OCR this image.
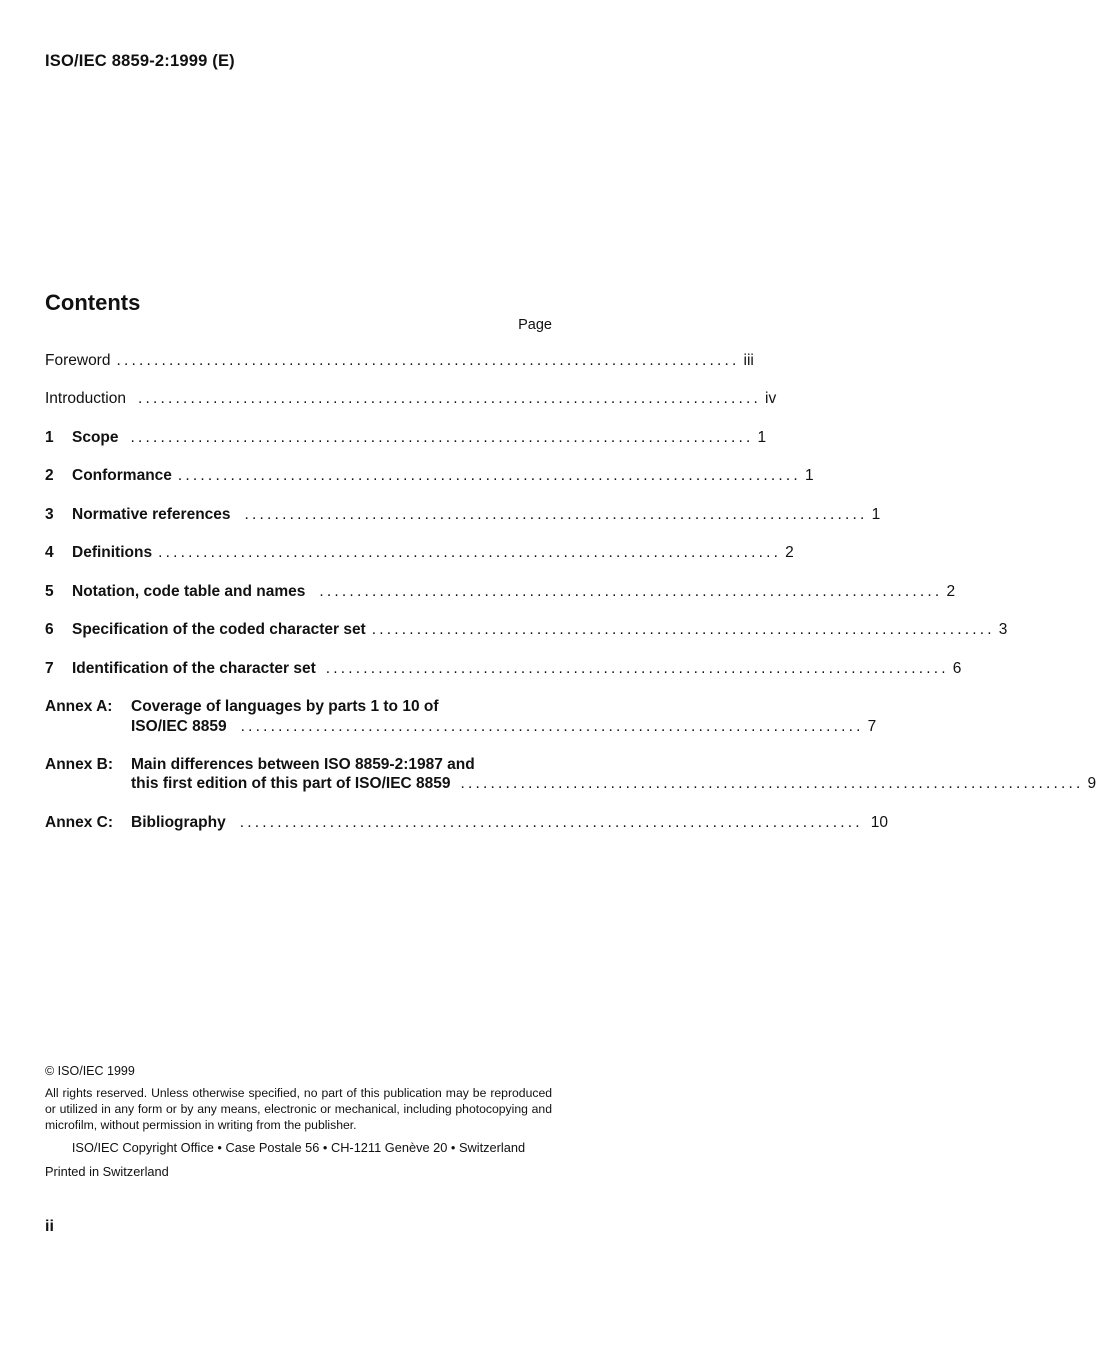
ISO/IEC 8859-2:1999 (E)
Contents
Page
Foreword ................................................................................... iii
Introduction ................................................................................... iv
1	Scope ................................................................................... 1
2	Conformance ................................................................................... 1
3	Normative references ................................................................................... 1
4	Definitions ................................................................................... 2
5	Notation, code table and names ................................................................................... 2
6	Specification of the coded character set ................................................................................... 3
7	Identification of the character set ................................................................................... 6
Annex A:	Coverage of languages by parts 1 to 10 of
ISO/IEC 8859 ................................................................................... 7
Annex B:	Main differences between ISO 8859-2:1987 and
this first edition of this part of ISO/IEC 8859 ................................................................................... 9
Annex C:	Bibliography ................................................................................... 10
© ISO/IEC 1999
All rights reserved. Unless otherwise specified, no part of this publication may be reproduced or utilized in any form or by any means, electronic or mechanical, including photocopying and microfilm, without permission in writing from the publisher.
ISO/IEC Copyright Office • Case Postale 56 • CH-1211 Genève 20 • Switzerland
Printed in Switzerland
ii
